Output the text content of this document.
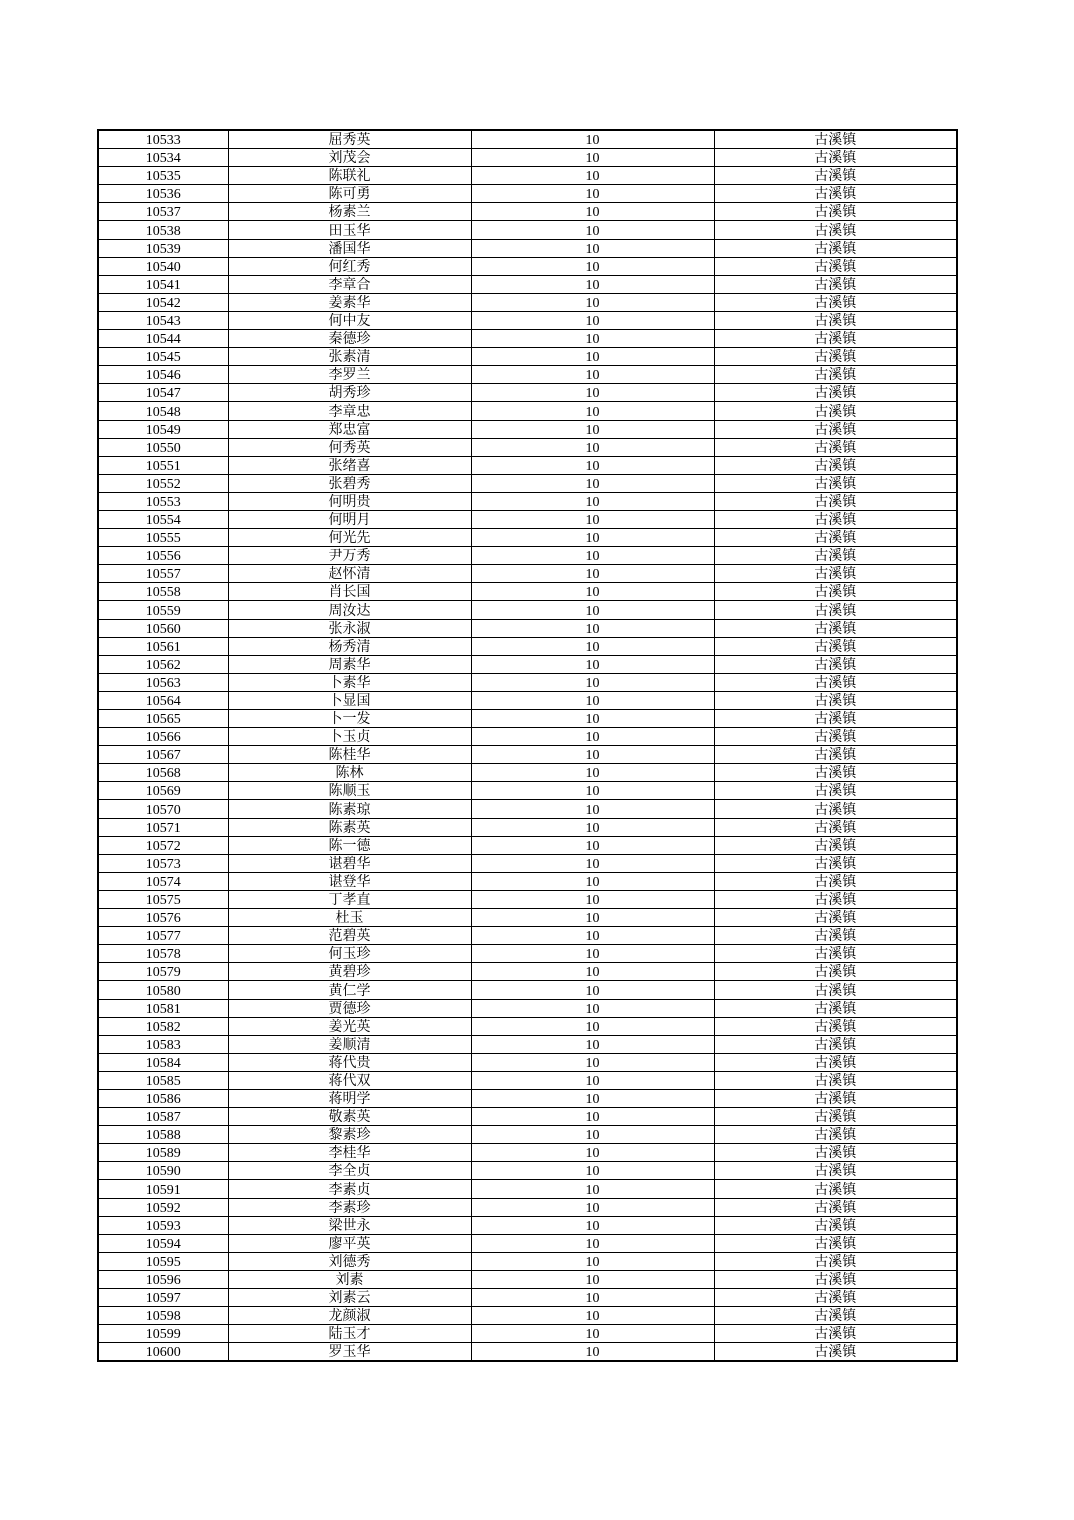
10533	屈秀英	10	古溪镇
10534	刘茂会	10	古溪镇
10535	陈联礼	10	古溪镇
10536	陈可勇	10	古溪镇
10537	杨素兰	10	古溪镇
10538	田玉华	10	古溪镇
10539	潘国华	10	古溪镇
10540	何红秀	10	古溪镇
10541	李章合	10	古溪镇
10542	姜素华	10	古溪镇
10543	何中友	10	古溪镇
10544	秦德珍	10	古溪镇
10545	张素清	10	古溪镇
10546	李罗兰	10	古溪镇
10547	胡秀珍	10	古溪镇
10548	李章忠	10	古溪镇
10549	郑忠富	10	古溪镇
10550	何秀英	10	古溪镇
10551	张绪喜	10	古溪镇
10552	张碧秀	10	古溪镇
10553	何明贵	10	古溪镇
10554	何明月	10	古溪镇
10555	何光先	10	古溪镇
10556	尹万秀	10	古溪镇
10557	赵怀清	10	古溪镇
10558	肖长国	10	古溪镇
10559	周汝达	10	古溪镇
10560	张永淑	10	古溪镇
10561	杨秀清	10	古溪镇
10562	周素华	10	古溪镇
10563	卜素华	10	古溪镇
10564	卜显国	10	古溪镇
10565	卜一发	10	古溪镇
10566	卜玉贞	10	古溪镇
10567	陈桂华	10	古溪镇
10568	陈林	10	古溪镇
10569	陈顺玉	10	古溪镇
10570	陈素琼	10	古溪镇
10571	陈素英	10	古溪镇
10572	陈一德	10	古溪镇
10573	谌碧华	10	古溪镇
10574	谌登华	10	古溪镇
10575	丁孝直	10	古溪镇
10576	杜玉	10	古溪镇
10577	范碧英	10	古溪镇
10578	何玉珍	10	古溪镇
10579	黄碧珍	10	古溪镇
10580	黄仁学	10	古溪镇
10581	贾德珍	10	古溪镇
10582	姜光英	10	古溪镇
10583	姜顺清	10	古溪镇
10584	蒋代贵	10	古溪镇
10585	蒋代双	10	古溪镇
10586	蒋明学	10	古溪镇
10587	敬素英	10	古溪镇
10588	黎素珍	10	古溪镇
10589	李桂华	10	古溪镇
10590	李全贞	10	古溪镇
10591	李素贞	10	古溪镇
10592	李素珍	10	古溪镇
10593	梁世永	10	古溪镇
10594	廖平英	10	古溪镇
10595	刘德秀	10	古溪镇
10596	刘素	10	古溪镇
10597	刘素云	10	古溪镇
10598	龙颜淑	10	古溪镇
10599	陆玉才	10	古溪镇
10600	罗玉华	10	古溪镇
